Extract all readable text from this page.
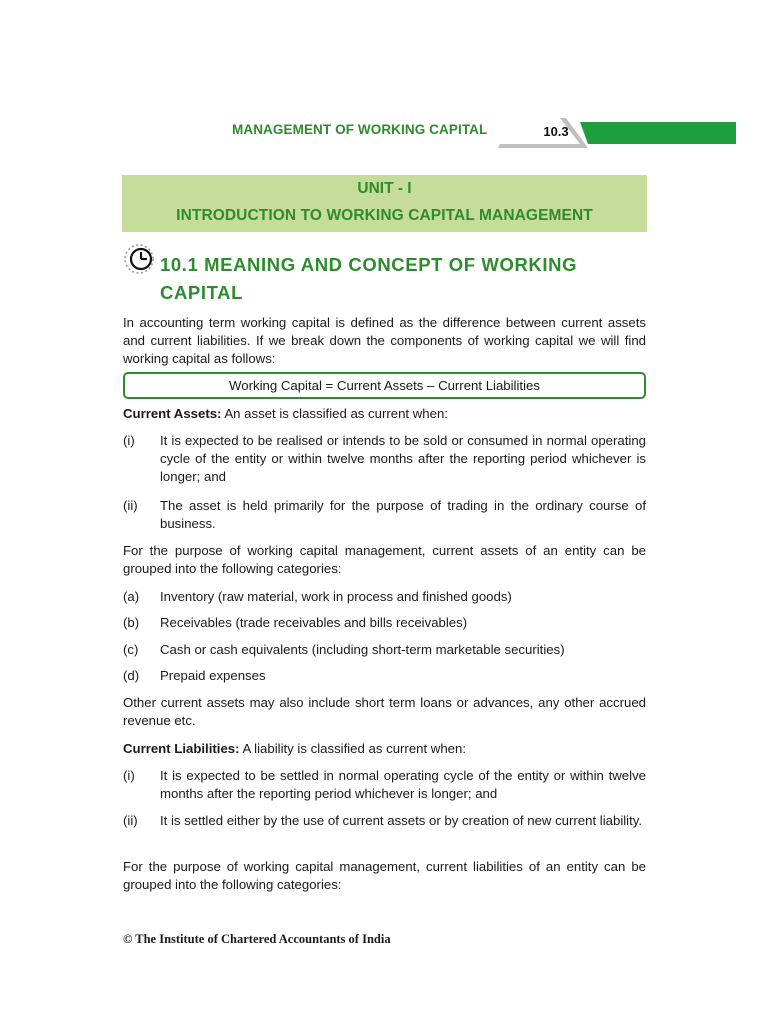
MANAGEMENT OF WORKING CAPITAL	10.3
UNIT - I
INTRODUCTION TO WORKING CAPITAL MANAGEMENT
10.1 MEANING AND CONCEPT OF WORKING CAPITAL
In accounting term working capital is defined as the difference between current assets and current liabilities. If we break down the components of working capital we will find working capital as follows:
Working Capital = Current Assets – Current Liabilities
Current Assets: An asset is classified as current when:
(i) It is expected to be realised or intends to be sold or consumed in normal operating cycle of the entity or within twelve months after the reporting period whichever is longer; and
(ii) The asset is held primarily for the purpose of trading in the ordinary course of business.
For the purpose of working capital management, current assets of an entity can be grouped into the following categories:
(a) Inventory (raw material, work in process and finished goods)
(b) Receivables (trade receivables and bills receivables)
(c) Cash or cash equivalents (including short-term marketable securities)
(d) Prepaid expenses
Other current assets may also include short term loans or advances, any other accrued revenue etc.
Current Liabilities: A liability is classified as current when:
(i) It is expected to be settled in normal operating cycle of the entity or within twelve months after the reporting period whichever is longer; and
(ii) It is settled either by the use of current assets or by creation of new current liability.
For the purpose of working capital management, current liabilities of an entity can be grouped into the following categories:
© The Institute of Chartered Accountants of India
